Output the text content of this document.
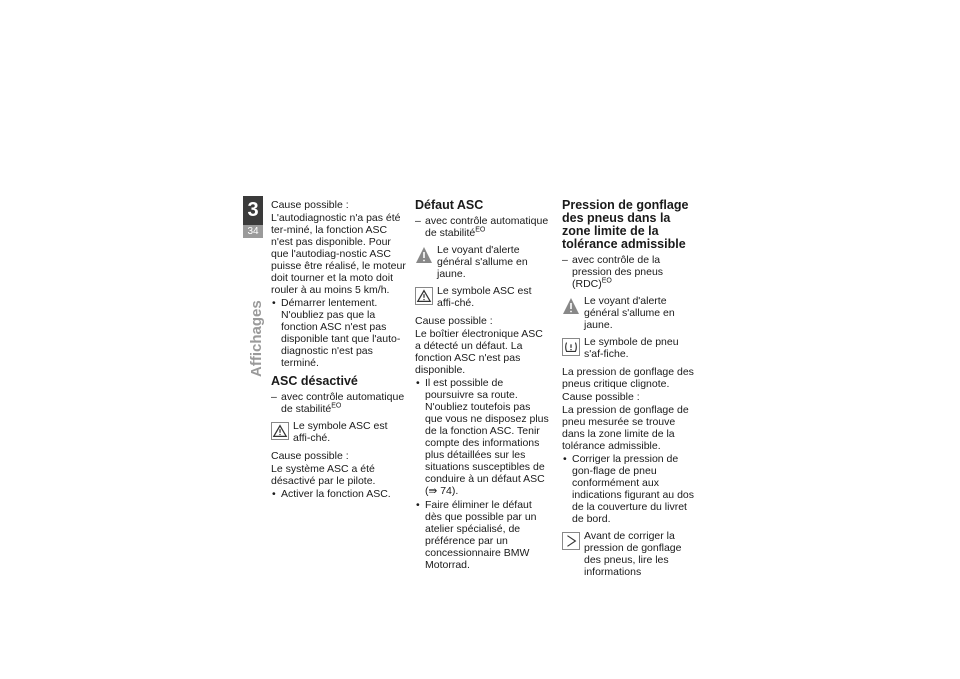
3
34
Affichages

Cause possible :

L'autodiagnostic n'a pas été ter-miné, la fonction ASC n'est pas disponible. Pour que l'autodiag-nostic ASC puisse être réalisé, le moteur doit tourner et la moto doit rouler à au moins 5 km/h.

• Démarrer lentement. N'oubliez pas que la fonction ASC n'est pas disponible tant que l'auto-diagnostic n'est pas terminé.
ASC désactivé
– avec contrôle automatique de stabilité$^{EO}$
Le symbole ASC est affi-ché.

Cause possible :

Le système ASC a été désactivé par le pilote.

• Activer la fonction ASC.
Défaut ASC
– avec contrôle automatique de stabilité$^{EO}$
Le voyant d'alerte général s'allume en jaune.
Le symbole ASC est affi-ché.

Cause possible :

Le boîtier électronique ASC a détecté un défaut. La fonction ASC n'est pas disponible.

• Il est possible de poursuivre sa route. N'oubliez toutefois pas que vous ne disposez plus de la fonction ASC. Tenir compte des informations plus détaillées sur les situations susceptibles de conduire à un défaut ASC (⇛ 74).
• Faire éliminer le défaut dès que possible par un atelier spécialisé, de préférence par un concessionnaire BMW Motorrad.
Pression de gonflage des pneus dans la zone limite de la tolérance admissible
– avec contrôle de la pression des pneus (RDC)$^{EO}$
Le voyant d'alerte général s'allume en jaune.
Le symbole de pneu s'af-fiche.

La pression de gonflage des pneus critique clignote.

Cause possible :

La pression de gonflage de pneu mesurée se trouve dans la zone limite de la tolérance admissible.

• Corriger la pression de gon-flage de pneu conformément aux indications figurant au dos de la couverture du livret de bord.
Avant de corriger la pression de gonflage des pneus, lire les informations
